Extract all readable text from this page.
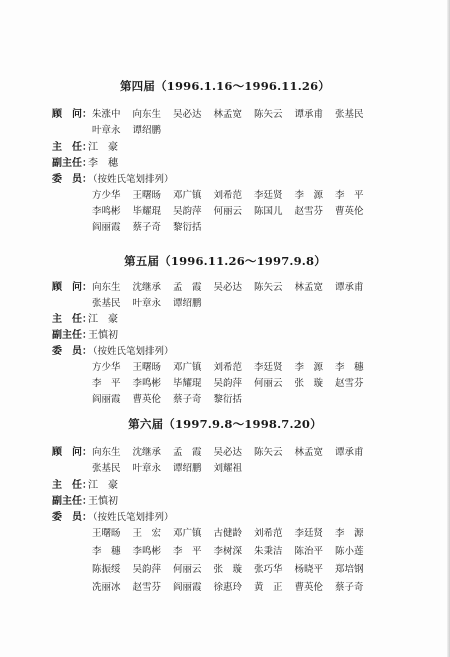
第四届（1996.1.16～1996.11.26）
顾　问： 朱涨中 向东生 吴必达 林孟宽 陈矢云 谭承甫 张基民
叶章永 谭绍鹏
主　任：江　豪
副主任：李　穗
委　员：（按姓氏笔划排列）
方少华 王曙旸 邓广镇 刘希范 李廷贤 李　源 李　平
李鸣彬 毕耀琨 吴韵萍 何丽云 陈国儿 赵雪芬 曹英伦
阎丽霞 蔡子奇 黎衍括
第五届（1996.11.26～1997.9.8）
顾　问： 向东生 沈继承 孟　霞 吴必达 陈矢云 林孟宽 谭承甫
张基民 叶章永 谭绍鹏
主　任：江　豪
副主任：王慎初
委　员：（按姓氏笔划排列）
方少华 王曙旸 邓广镇 刘希范 李廷贤 李　源 李　穗
李　平 李鸣彬 毕耀琨 吴韵萍 何丽云 张　璇 赵雪芬
阎丽霞 曹英伦 蔡子奇 黎衍括
第六届（1997.9.8～1998.7.20）
顾　问： 向东生 沈继承 孟　霞 吴必达 陈矢云 林孟宽 谭承甫
张基民 叶章永 谭绍鹏 刘耀祖
主　任：江　豪
副主任：王慎初
委　员：（按姓氏笔划排列）
王曙旸 王　宏 邓广镇 古健龄 刘希范 李廷贤 李　源
李　穗 李鸣彬 李　平 李树深 朱秉洁 陈治平 陈小莲
陈振绥 吴韵萍 何丽云 张　璇 张巧华 杨晓平 郑培钢
冼丽冰 赵雪芬 阎丽霞 徐惠玲 黄　正 曹英伦 蔡子奇
